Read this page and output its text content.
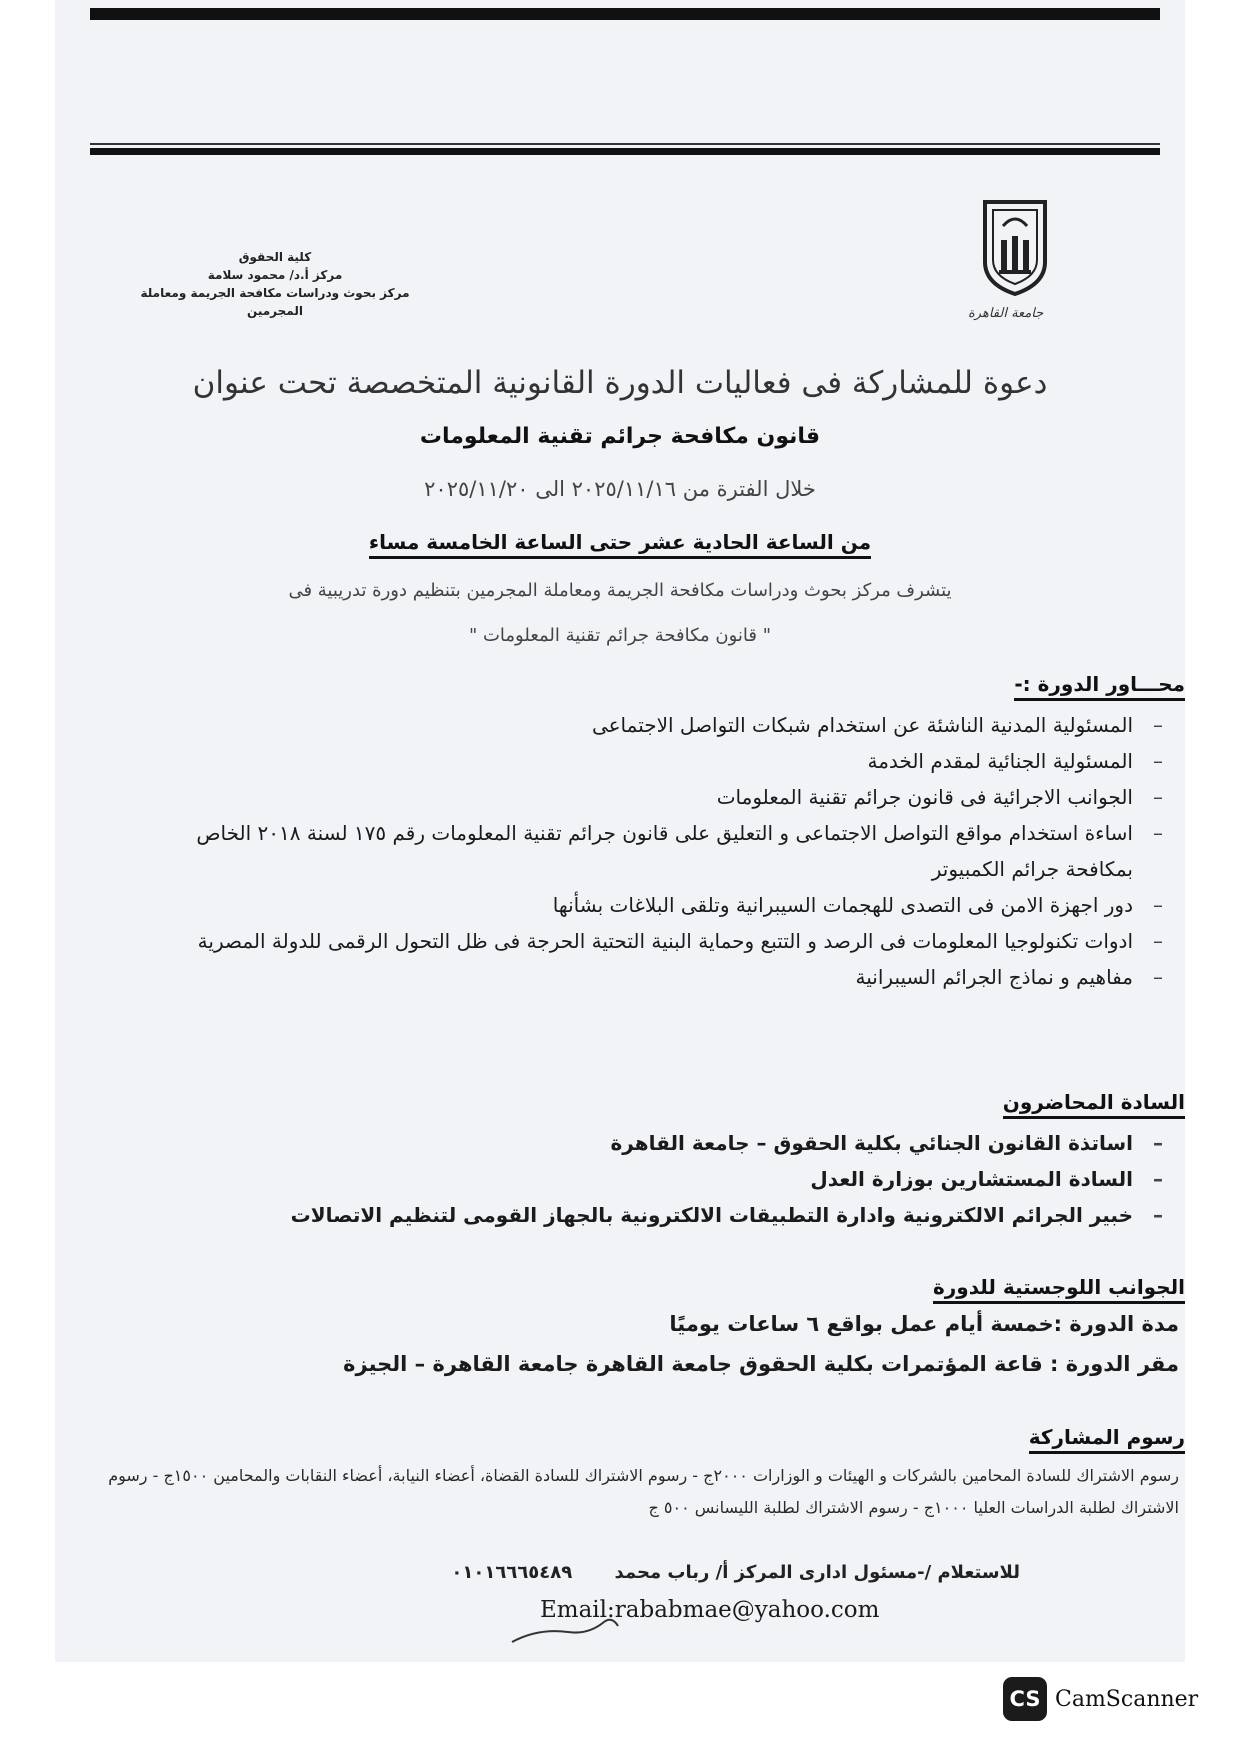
كلية الحقوق
مركز أ.د/ محمود سلامة
مركز بحوث ودراسات مكافحة الجريمة ومعاملة المجرمين	جامعة القاهرة
دعوة للمشاركة فى فعاليات الدورة القانونية المتخصصة تحت عنوان
قانون مكافحة جرائم تقنية المعلومات
خلال الفترة من ٢٠٢٥/١١/١٦ الى ٢٠٢٥/١١/٢٠
من الساعة الحادية عشر حتى الساعة الخامسة مساء
يتشرف مركز بحوث ودراسات مكافحة الجريمة ومعاملة المجرمين بتنظيم دورة تدريبية فى
" قانون مكافحة جرائم تقنية المعلومات "
محـــاور الدورة :-
– المسئولية المدنية الناشئة عن استخدام شبكات التواصل الاجتماعى
– المسئولية الجنائية لمقدم الخدمة
– الجوانب الاجرائية فى قانون جرائم تقنية المعلومات
– اساءة استخدام مواقع التواصل الاجتماعى و التعليق على قانون جرائم تقنية المعلومات رقم ١٧٥ لسنة ٢٠١٨ الخاص بمكافحة جرائم الكمبيوتر
– دور اجهزة الامن فى التصدى للهجمات السيبرانية وتلقى البلاغات بشأنها
– ادوات تكنولوجيا المعلومات فى الرصد و التتبع وحماية البنية التحتية الحرجة فى ظل التحول الرقمى للدولة المصرية
– مفاهيم و نماذج الجرائم السيبرانية
السادة المحاضرون
– اساتذة القانون الجنائي بكلية الحقوق – جامعة القاهرة
– السادة المستشارين بوزارة العدل
– خبير الجرائم الالكترونية وادارة التطبيقات الالكترونية بالجهاز القومى لتنظيم الاتصالات
الجوانب اللوجستية للدورة
مدة الدورة :خمسة أيام عمل بواقع ٦ ساعات يوميًا
مقر الدورة : قاعة المؤتمرات بكلية الحقوق جامعة القاهرة جامعة القاهرة – الجيزة
رسوم المشاركة
رسوم الاشتراك للسادة المحامين بالشركات و الهيئات و الوزارات ٢٠٠٠ج - رسوم الاشتراك للسادة القضاة، أعضاء النيابة، أعضاء النقابات والمحامين ١٥٠٠ج - رسوم الاشتراك لطلبة الدراسات العليا ١٠٠٠ج - رسوم الاشتراك لطلبة الليسانس ٥٠٠ ج
للاستعلام /-مسئول ادارى المركز أ/ رباب محمد ٠١٠١٦٦٦٥٤٨٩
Email:rababmae@yahoo.com
CS CamScanner
